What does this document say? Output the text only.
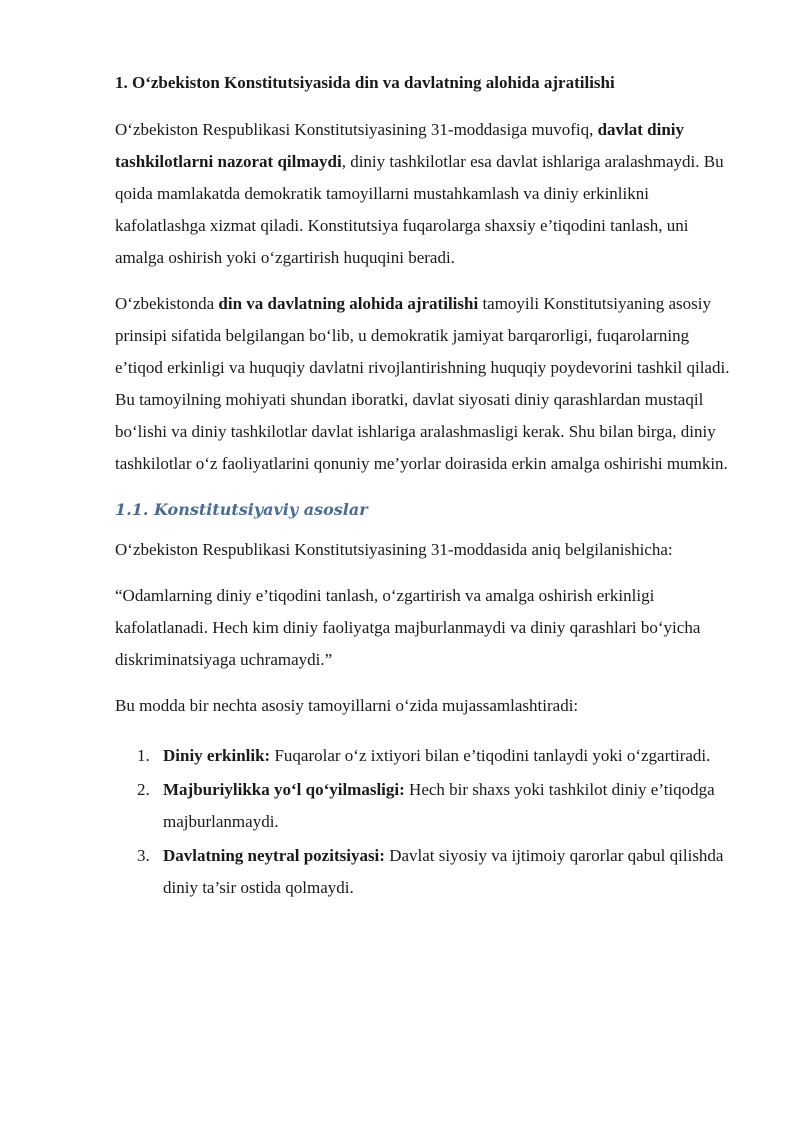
1. O‘zbekiston Konstitutsiyasida din va davlatning alohida ajratilishi

O‘zbekiston Respublikasi Konstitutsiyasining 31-moddasiga muvofiq, davlat diniy tashkilotlarni nazorat qilmaydi, diniy tashkilotlar esa davlat ishlariga aralashmaydi. Bu qoida mamlakatda demokratik tamoyillarni mustahkamlash va diniy erkinlikni kafolatlashga xizmat qiladi. Konstitutsiya fuqarolarga shaxsiy e’tiqodini tanlash, uni amalga oshirish yoki o‘zgartirish huquqini beradi.

O‘zbekistonda din va davlatning alohida ajratilishi tamoyili Konstitutsiyaning asosiy prinsipi sifatida belgilangan bo‘lib, u demokratik jamiyat barqarorligi, fuqarolarning e’tiqod erkinligi va huquqiy davlatni rivojlantirishning huquqiy poydevorini tashkil qiladi. Bu tamoyilning mohiyati shundan iboratki, davlat siyosati diniy qarashlardan mustaqil bo‘lishi va diniy tashkilotlar davlat ishlariga aralashmasligi kerak. Shu bilan birga, diniy tashkilotlar o‘z faoliyatlarini qonuniy me’yorlar doirasida erkin amalga oshirishi mumkin.

1.1. Konstitutsiyaviy asoslar

O‘zbekiston Respublikasi Konstitutsiyasining 31-moddasida aniq belgilanishicha:

“Odamlarning diniy e’tiqodini tanlash, o‘zgartirish va amalga oshirish erkinligi kafolatlanadi. Hech kim diniy faoliyatga majburlanmaydi va diniy qarashlari bo‘yicha diskriminatsiyaga uchramaydi.”

Bu modda bir nechta asosiy tamoyillarni o‘zida mujassamlashtiradi:

1. Diniy erkinlik: Fuqarolar o‘z ixtiyori bilan e’tiqodini tanlaydi yoki o‘zgartiradi.
2. Majburiylikka yo‘l qo‘yilmasligi: Hech bir shaxs yoki tashkilot diniy e’tiqodga majburlanmaydi.
3. Davlatning neytral pozitsiyasi: Davlat siyosiy va ijtimoiy qarorlar qabul qilishda diniy ta’sir ostida qolmaydi.
